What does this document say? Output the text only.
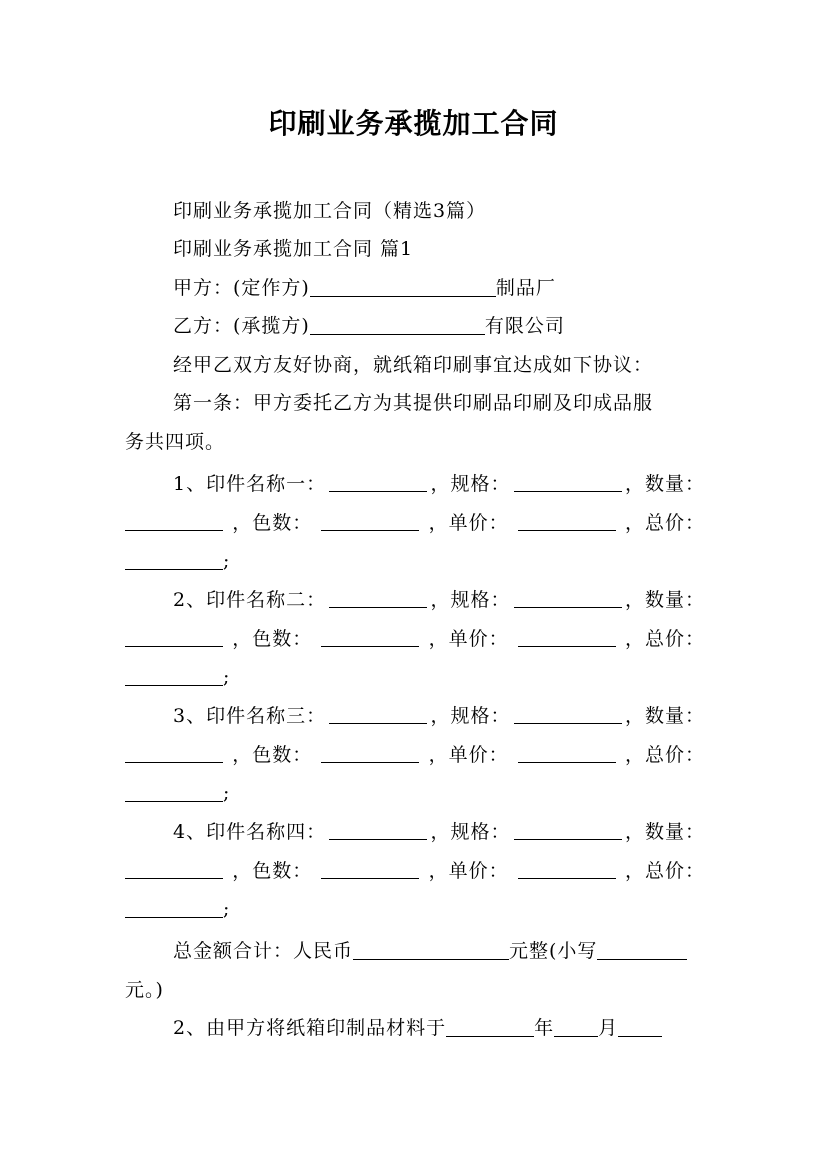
印刷业务承揽加工合同
印刷业务承揽加工合同（精选3篇）
印刷业务承揽加工合同 篇1
甲方：(定作方)	制品厂
乙方：(承揽方)	有限公司
经甲乙双方友好协商，就纸箱印刷事宜达成如下协议：
第一条：甲方委托乙方为其提供印刷品印刷及印成品服
务共四项。
1、印件名称一：	，规格：	，数量：
，色数：	，单价：	，总价：
;
2、印件名称二：	，规格：	，数量：
，色数：	，单价：	，总价：
;
3、印件名称三：	，规格：	，数量：
，色数：	，单价：	，总价：
;
4、印件名称四：	，规格：	，数量：
，色数：	，单价：	，总价：
;
总金额合计：人民币	元整(小写
元。)
2、由甲方将纸箱印制品材料于	年 月
